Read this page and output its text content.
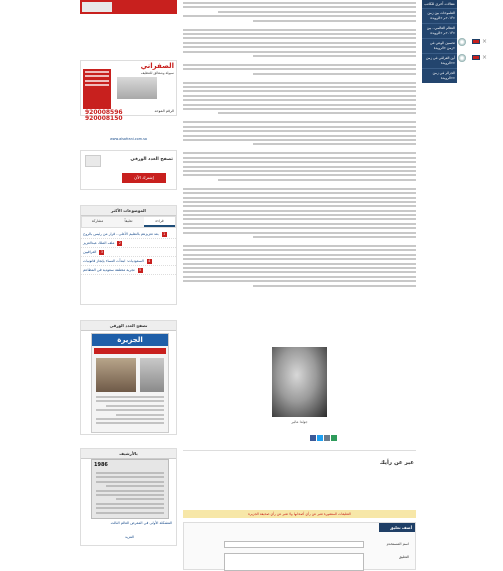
الصفراني
سيولة وشقائق للتنظيف
920008596
920008150
الرقم الموحد
www.alsafrani.com.sa
تصفح العدد الورقي
إشترك الآن
الموضوعات الأكثر
مشاركة	تعليقاً	قراءة
1
بعد تعزيزهم بالتعليم الأعلى.. قرار من رئيس بالروح
2
ملف الملك عبدالعزيز
3
العراقيين
4
السعوديات: ابتدأت النساء بإنجاز قانونيات
5
تجربة مختلفة سعودية في المطاعم
تصفح العدد الورقي
الجزيرة
بالأرشيف
1986
المشكلة الأولى في المعرض العالم الثالث
المزيد
جولدا مائير
عبر عن رأيك
التعليقات المنشورة تعبر عن رأي أصحابها ولا تعبر عن رأي صحيفة الجزيرة
أضف تعليق
اسم المستخدم
التعليق
مقالات أخرى للكاتب
الطموحات بين زمن ٢٠١٣م «الرويدة»
النظام العالمي.. بين ٢٠١٣م «الرويدة»
تحسين الوعي في زمن «الرويدة»
أين العراقي في زمن «الرويدة»
الجزائر في زمن «الرويدة»
×
×
